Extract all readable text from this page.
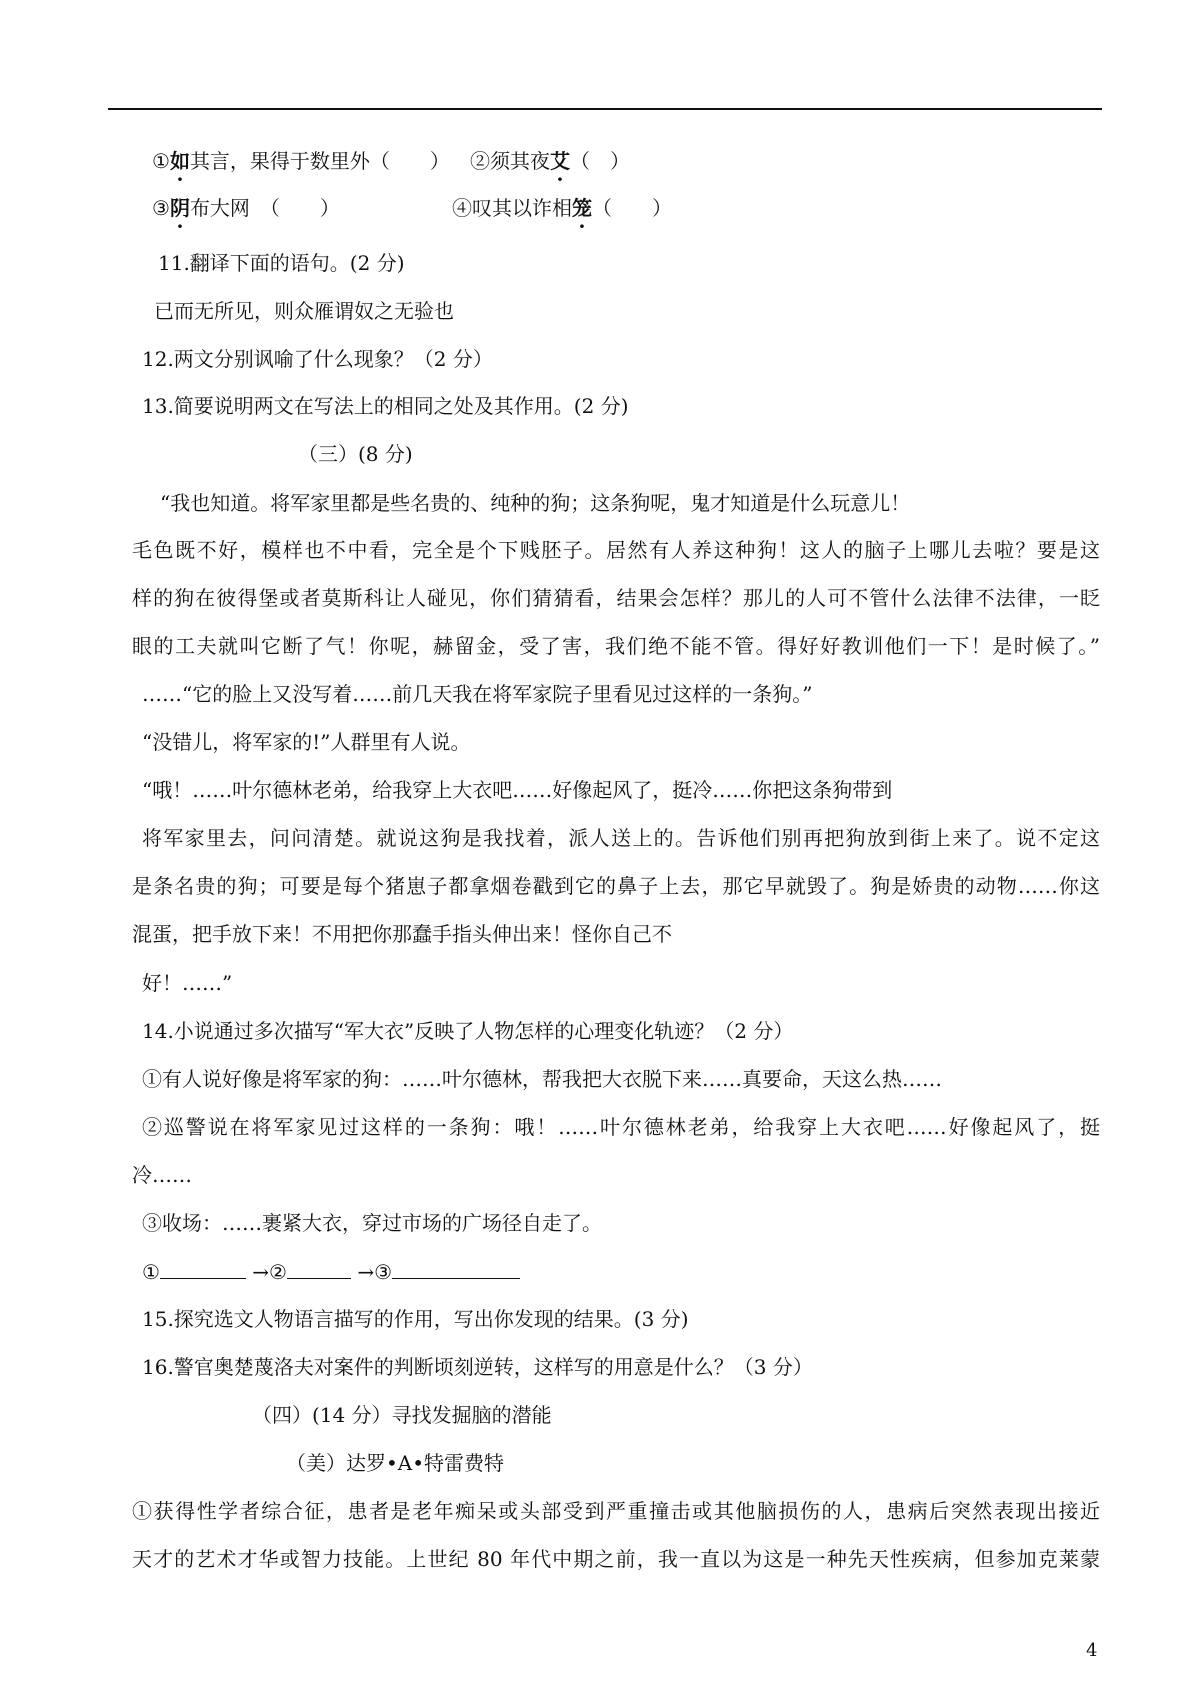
①如其言，果得于数里外（　　） ②须其夜艾（　）
③阴布大网　（　　）	④叹其以诈相笼（　　）
11.翻译下面的语句。(2 分)
已而无所见，则众雁谓奴之无验也
12.两文分别讽喻了什么现象？（2 分）
13.简要说明两文在写法上的相同之处及其作用。(2 分)
（三）(8 分)
“我也知道。将军家里都是些名贵的、纯种的狗；这条狗呢，鬼才知道是什么玩意儿！
毛色既不好，模样也不中看，完全是个下贱胚子。居然有人养这种狗！这人的脑子上哪儿去啦？要是这
样的狗在彼得堡或者莫斯科让人碰见，你们猜猜看，结果会怎样？那儿的人可不管什么法律不法律，一眨
眼的工夫就叫它断了气！你呢，赫留金，受了害，我们绝不能不管。得好好教训他们一下！是时候了。”
……“它的脸上又没写着……前几天我在将军家院子里看见过这样的一条狗。”
“没错儿，将军家的!”人群里有人说。
“哦！……叶尔德林老弟，给我穿上大衣吧……好像起风了，挺冷……你把这条狗带到
将军家里去，问问清楚。就说这狗是我找着，派人送上的。告诉他们别再把狗放到街上来了。说不定这
是条名贵的狗；可要是每个猪崽子都拿烟卷戳到它的鼻子上去，那它早就毁了。狗是娇贵的动物……你这
混蛋，把手放下来！不用把你那蠢手指头伸出来！怪你自己不
好！……”
14.小说通过多次描写“军大衣”反映了人物怎样的心理变化轨迹？（2 分）
①有人说好像是将军家的狗：……叶尔德林，帮我把大衣脱下来……真要命，天这么热……
②巡警说在将军家见过这样的一条狗：哦！……叶尔德林老弟，给我穿上大衣吧……好像起风了，挺
冷……
③收场：……裹紧大衣，穿过市场的广场径自走了。
①	→②	→③
15.探究选文人物语言描写的作用，写出你发现的结果。(3 分)
16.警官奥楚蔑洛夫对案件的判断顷刻逆转，这样写的用意是什么？（3 分）
（四）(14 分）寻找发掘脑的潜能
（美）达罗•A•特雷费特
①获得性学者综合征，患者是老年痴呆或头部受到严重撞击或其他脑损伤的人，患病后突然表现出接近
天才的艺术才华或智力技能。上世纪 80 年代中期之前，我一直以为这是一种先天性疾病，但参加克莱蒙
4
